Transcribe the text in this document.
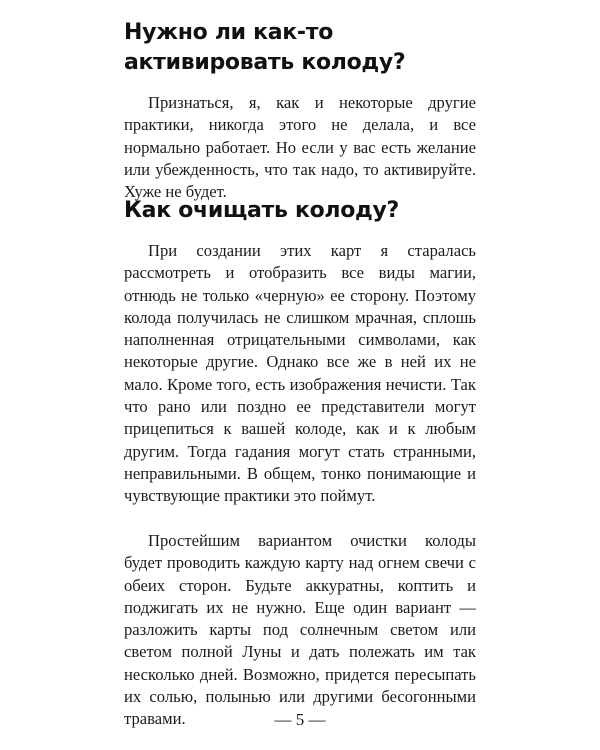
Нужно ли как-то активировать колоду?

Признаться, я, как и некоторые другие практики, никогда этого не делала, и все нормально работает. Но если у вас есть желание или убежденность, что так надо, то активируйте. Хуже не будет.

Как очищать колоду?

При создании этих карт я старалась рассмотреть и отобразить все виды магии, отнюдь не только «черную» ее сторону. Поэтому колода получилась не слишком мрачная, сплошь наполненная отрицательными символами, как некоторые другие. Однако все же в ней их не мало. Кроме того, есть изображения нечисти. Так что рано или поздно ее представители могут прицепиться к вашей колоде, как и к любым другим. Тогда гадания могут стать странными, неправильными. В общем, тонко понимающие и чувствующие практики это поймут.

Простейшим вариантом очистки колоды будет проводить каждую карту над огнем свечи с обеих сторон. Будьте аккуратны, коптить и поджигать их не нужно. Еще один вариант — разложить карты под солнечным светом или светом полной Луны и дать полежать им так несколько дней. Возможно, придется пересыпать их солью, полынью или другими бесогонными травами.	— 5 —
